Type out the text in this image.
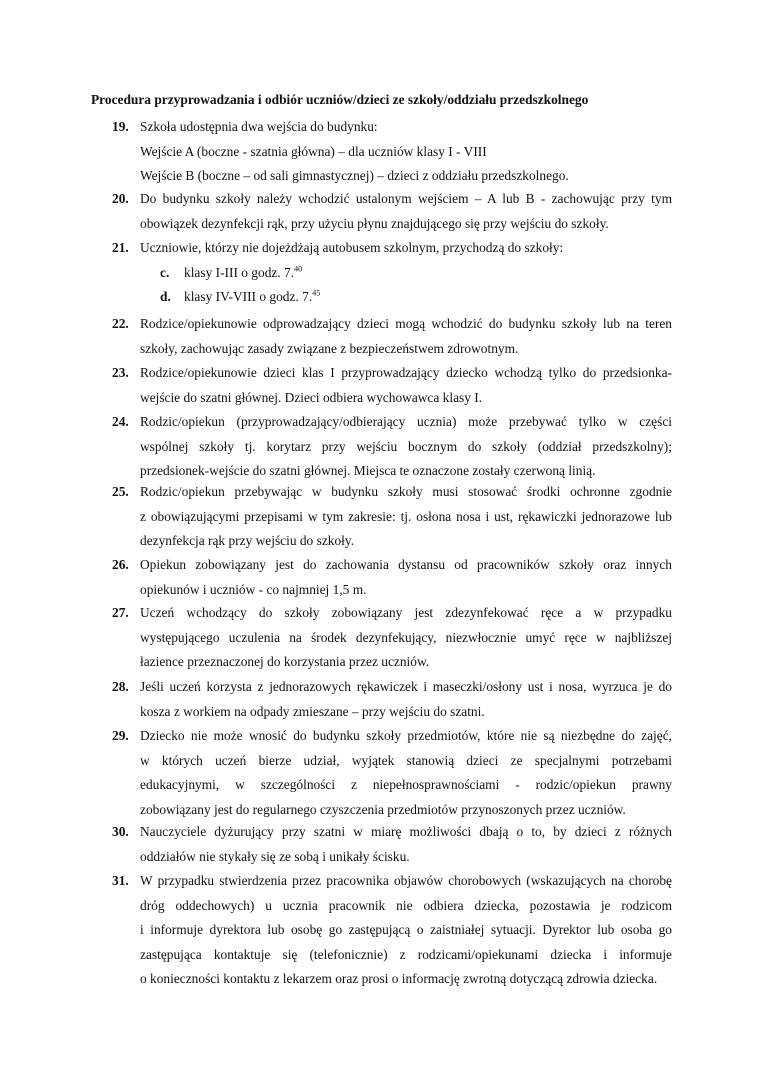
Procedura przyprowadzania i odbiór uczniów/dzieci ze szkoły/oddziału przedszkolnego
19. Szkoła udostępnia dwa wejścia do budynku:
Wejście A (boczne - szatnia główna) – dla uczniów klasy I - VIII
Wejście B (boczne – od sali gimnastycznej) – dzieci z oddziału przedszkolnego.
20. Do budynku szkoły należy wchodzić ustalonym wejściem – A lub B - zachowując przy tym
obowiązek dezynfekcji rąk, przy użyciu płynu znajdującego się przy wejściu do szkoły.
21. Uczniowie, którzy nie dojeżdżają autobusem szkolnym, przychodzą do szkoły:
c. klasy I-III o godz. 7.40
d. klasy IV-VIII o godz. 7.45
22. Rodzice/opiekunowie odprowadzający dzieci mogą wchodzić do budynku szkoły lub na teren
szkoły, zachowując zasady związane z bezpieczeństwem zdrowotnym.
23. Rodzice/opiekunowie dzieci klas I przyprowadzający dziecko wchodzą tylko do przedsionka-
wejście do szatni głównej. Dzieci odbiera wychowawca klasy I.
24. Rodzic/opiekun (przyprowadzający/odbierający ucznia) może przebywać tylko w części
wspólnej szkoły tj. korytarz przy wejściu bocznym do szkoły (oddział przedszkolny);
przedsionek-wejście do szatni głównej. Miejsca te oznaczone zostały czerwoną linią.
25. Rodzic/opiekun przebywając w budynku szkoły musi stosować środki ochronne zgodnie
z obowiązującymi przepisami w tym zakresie: tj. osłona nosa i ust, rękawiczki jednorazowe lub
dezynfekcja rąk przy wejściu do szkoły.
26. Opiekun zobowiązany jest do zachowania dystansu od pracowników szkoły oraz innych
opiekunów i uczniów - co najmniej 1,5 m.
27. Uczeń wchodzący do szkoły zobowiązany jest zdezynfekować ręce a w przypadku
występującego uczulenia na środek dezynfekujący, niezwłocznie umyć ręce w najbliższej
łazience przeznaczonej do korzystania przez uczniów.
28. Jeśli uczeń korzysta z jednorazowych rękawiczek i maseczki/osłony ust i nosa, wyrzuca je do
kosza z workiem na odpady zmieszane – przy wejściu do szatni.
29. Dziecko nie może wnosić do budynku szkoły przedmiotów, które nie są niezbędne do zajęć,
w których uczeń bierze udział, wyjątek stanowią dzieci ze specjalnymi potrzebami
edukacyjnymi, w szczególności z niepełnosprawnościami - rodzic/opiekun prawny
zobowiązany jest do regularnego czyszczenia przedmiotów przynoszonych przez uczniów.
30. Nauczyciele dyżurujący przy szatni w miarę możliwości dbają o to, by dzieci z różnych
oddziałów nie stykały się ze sobą i unikały ścisku.
31. W przypadku stwierdzenia przez pracownika objawów chorobowych (wskazujących na chorobę
dróg oddechowych) u ucznia pracownik nie odbiera dziecka, pozostawia je rodzicom
i informuje dyrektora lub osobę go zastępującą o zaistniałej sytuacji. Dyrektor lub osoba go
zastępująca kontaktuje się (telefonicznie) z rodzicami/opiekunami dziecka i informuje
o konieczności kontaktu z lekarzem oraz prosi o informację zwrotną dotyczącą zdrowia dziecka.
